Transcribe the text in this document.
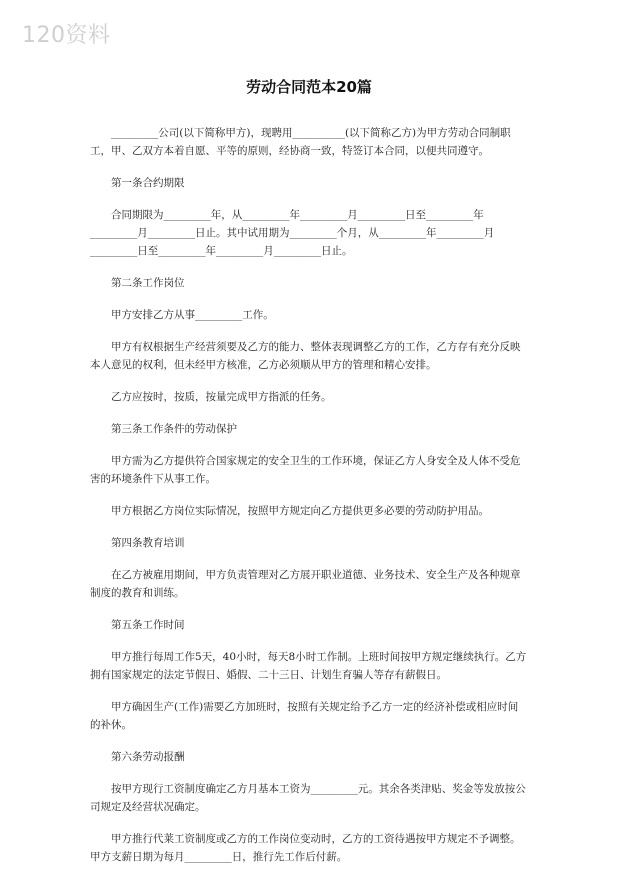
120资料
劳动合同范本20篇

_________公司(以下简称甲方)，现聘用__________(以下简称乙方)为甲方劳动合同制职工，甲、乙双方本着自愿、平等的原则，经协商一致，特签订本合同，以便共同遵守。

第一条合约期限

合同期限为_________年，从_________年_________月_________日至_________年_________月_________日止。其中试用期为_________个月，从_________年_________月_________日至_________年_________月_________日止。

第二条工作岗位

甲方安排乙方从事_________工作。

甲方有权根据生产经营须要及乙方的能力、整体表现调整乙方的工作，乙方存有充分反映本人意见的权利，但未经甲方核准，乙方必须顺从甲方的管理和精心安排。

乙方应按时，按质，按量完成甲方指派的任务。

第三条工作条件的劳动保护

甲方需为乙方提供符合国家规定的安全卫生的工作环境，保证乙方人身安全及人体不受危害的环境条件下从事工作。

甲方根据乙方岗位实际情况，按照甲方规定向乙方提供更多必要的劳动防护用品。

第四条教育培训

在乙方被雇用期间，甲方负责管理对乙方展开职业道德、业务技术、安全生产及各种规章制度的教育和训练。

第五条工作时间

甲方推行每周工作5天，40小时，每天8小时工作制。上班时间按甲方规定继续执行。乙方拥有国家规定的法定节假日、婚假、二十三日、计划生育骗人等存有薪假日。

甲方确因生产(工作)需要乙方加班时，按照有关规定给予乙方一定的经济补偿或相应时间的补休。

第六条劳动报酬

按甲方现行工资制度确定乙方月基本工资为_________元。其余各类津贴、奖金等发放按公司规定及经营状况确定。

甲方推行代莱工资制度或乙方的工作岗位变动时，乙方的工资待遇按甲方规定不予调整。甲方支薪日期为每月_________日，推行先工作后付薪。
